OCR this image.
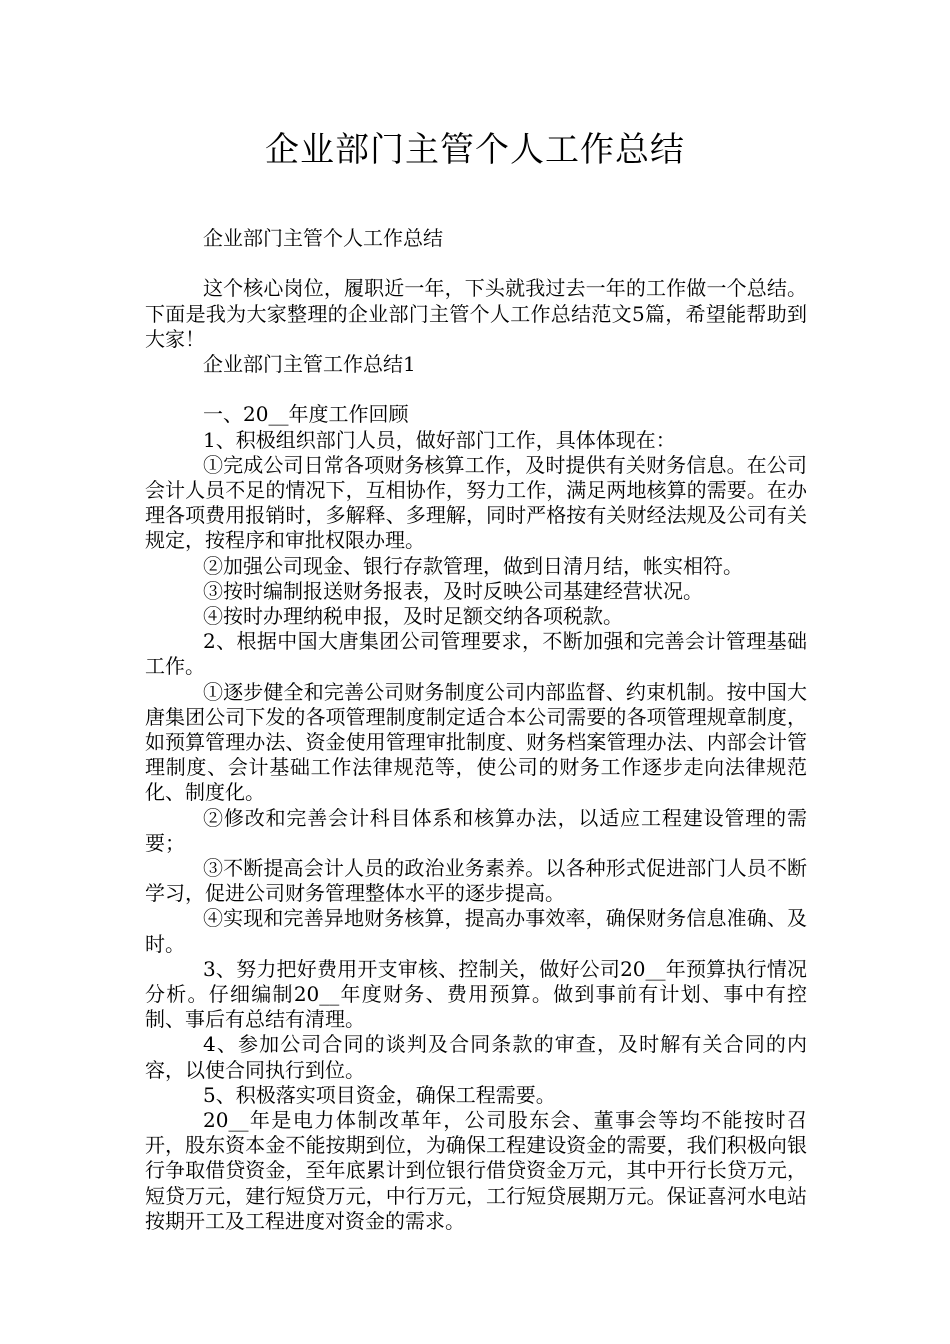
企业部门主管个人工作总结

企业部门主管个人工作总结

这个核心岗位，履职近一年，下头就我过去一年的工作做一个总结。下面是我为大家整理的企业部门主管个人工作总结范文5篇，希望能帮助到大家！

企业部门主管工作总结1

一、20__年度工作回顾

1、积极组织部门人员，做好部门工作，具体体现在：

①完成公司日常各项财务核算工作，及时提供有关财务信息。在公司会计人员不足的情况下，互相协作，努力工作，满足两地核算的需要。在办理各项费用报销时，多解释、多理解，同时严格按有关财经法规及公司有关规定，按程序和审批权限办理。

②加强公司现金、银行存款管理，做到日清月结，帐实相符。

③按时编制报送财务报表，及时反映公司基建经营状况。

④按时办理纳税申报，及时足额交纳各项税款。

2、根据中国大唐集团公司管理要求，不断加强和完善会计管理基础工作。

①逐步健全和完善公司财务制度公司内部监督、约束机制。按中国大唐集团公司下发的各项管理制度制定适合本公司需要的各项管理规章制度，如预算管理办法、资金使用管理审批制度、财务档案管理办法、内部会计管理制度、会计基础工作法律规范等，使公司的财务工作逐步走向法律规范化、制度化。

②修改和完善会计科目体系和核算办法，以适应工程建设管理的需要；

③不断提高会计人员的政治业务素养。以各种形式促进部门人员不断学习，促进公司财务管理整体水平的逐步提高。

④实现和完善异地财务核算，提高办事效率，确保财务信息准确、及时。

3、努力把好费用开支审核、控制关，做好公司20__年预算执行情况分析。仔细编制20__年度财务、费用预算。做到事前有计划、事中有控制、事后有总结有清理。

4、参加公司合同的谈判及合同条款的审查，及时解有关合同的内容，以使合同执行到位。

5、积极落实项目资金，确保工程需要。

20__年是电力体制改革年，公司股东会、董事会等均不能按时召开，股东资本金不能按期到位，为确保工程建设资金的需要，我们积极向银行争取借贷资金，至年底累计到位银行借贷资金万元，其中开行长贷万元，短贷万元，建行短贷万元，中行万元，工行短贷展期万元。保证喜河水电站按期开工及工程进度对资金的需求。
